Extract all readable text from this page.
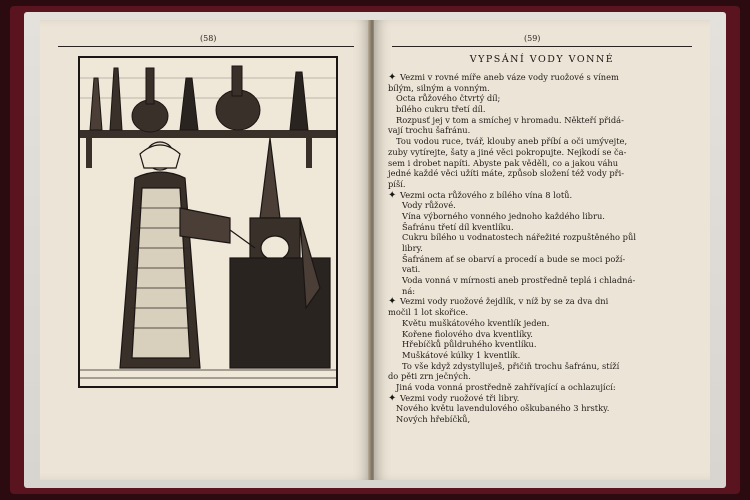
(58)	(59)
VYPSÁNÍ VODY VONNÉ
✦ Vezmi v rovné míře aneb váze vody ruožové s vínem
bílým, silným a vonným.
Octa růžového čtvrtý díl;
bílého cukru třetí díl.
Rozpusť jej v tom a smíchej v hromadu. Někteří přidá-
vají trochu šafránu.
Tou vodou ruce, tvář, klouby aneb příbí a oči umývejte,
zuby vytírejte, šaty a jiné věci pokropujte. Nejkodí se ča-
sem i drobet napíti. Abyste pak věděli, co a jakou váhu
jedné každé věci užíti máte, způsob složení též vody při-
píší.
✦ Vezmi octa růžového z bílého vína 8 lotů.
Vody růžové.
Vína výborného vonného jednoho každého libru.
Šafránu třetí díl kventlíku.
Cukru bílého u vodnatostech nářežité rozpuštěného půl
libry.
Šafránem ať se obarví a procedí a bude se moci poží-
vati.
Voda vonná v mírnosti aneb prostředně teplá i chladná-
ná:
✦ Vezmi vody ruožové žejdlík, v níž by se za dva dni
močil 1 lot skořice.
Květu muškátového kventlík jeden.
Kořene fiolového dva kventlíky.
Hřebíčků půldruhého kventlíku.
Muškátové kúlky 1 kventlík.
To vše když zdystylluješ, přičiň trochu šafránu, stíží
do pěti zrn ječných.
Jiná voda vonná prostředně zahřívající a ochlazující:
✦ Vezmi vody ruožové tři libry.
Nového květu lavendulového oškubaného 3 hrstky.
Nových hřebíčků,
